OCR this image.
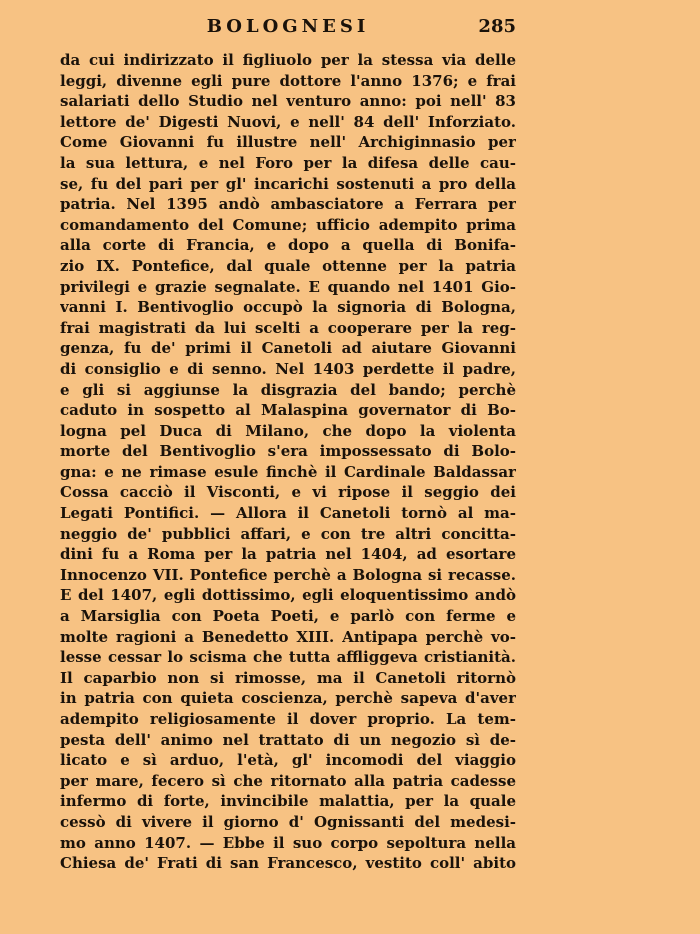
BOLOGNESI	285
da cui indirizzato il figliuolo per la stessa via delle
leggi, divenne egli pure dottore l'anno 1376; e frai
salariati dello Studio nel venturo anno: poi nell' 83
lettore de' Digesti Nuovi, e nell' 84 dell' Inforziato.
Come Giovanni fu illustre nell' Archiginnasio per
la sua lettura, e nel Foro per la difesa delle cau-
se, fu del pari per gl' incarichi sostenuti a pro della
patria. Nel 1395 andò ambasciatore a Ferrara per
comandamento del Comune; ufficio adempito prima
alla corte di Francia, e dopo a quella di Bonifa-
zio IX. Pontefice, dal quale ottenne per la patria
privilegi e grazie segnalate. E quando nel 1401 Gio-
vanni I. Bentivoglio occupò la signoria di Bologna,
frai magistrati da lui scelti a cooperare per la reg-
genza, fu de' primi il Canetoli ad aiutare Giovanni
di consiglio e di senno. Nel 1403 perdette il padre,
e gli si aggiunse la disgrazia del bando; perchè
caduto in sospetto al Malaspina governator di Bo-
logna pel Duca di Milano, che dopo la violenta
morte del Bentivoglio s'era impossessato di Bolo-
gna: e ne rimase esule finchè il Cardinale Baldassar
Cossa cacciò il Visconti, e vi ripose il seggio dei
Legati Pontifici. — Allora il Canetoli tornò al ma-
neggio de' pubblici affari, e con tre altri concitta-
dini fu a Roma per la patria nel 1404, ad esortare
Innocenzo VII. Pontefice perchè a Bologna si recasse.
E del 1407, egli dottissimo, egli eloquentissimo andò
a Marsiglia con Poeta Poeti, e parlò con ferme e
molte ragioni a Benedetto XIII. Antipapa perchè vo-
lesse cessar lo scisma che tutta affliggeva cristianità.
Il caparbio non si rimosse, ma il Canetoli ritornò
in patria con quieta coscienza, perchè sapeva d'aver
adempito religiosamente il dover proprio. La tem-
pesta dell' animo nel trattato di un negozio sì de-
licato e sì arduo, l'età, gl' incomodi del viaggio
per mare, fecero sì che ritornato alla patria cadesse
infermo di forte, invincibile malattia, per la quale
cessò di vivere il giorno d' Ognissanti del medesi-
mo anno 1407. — Ebbe il suo corpo sepoltura nella
Chiesa de' Frati di san Francesco, vestito coll' abito
